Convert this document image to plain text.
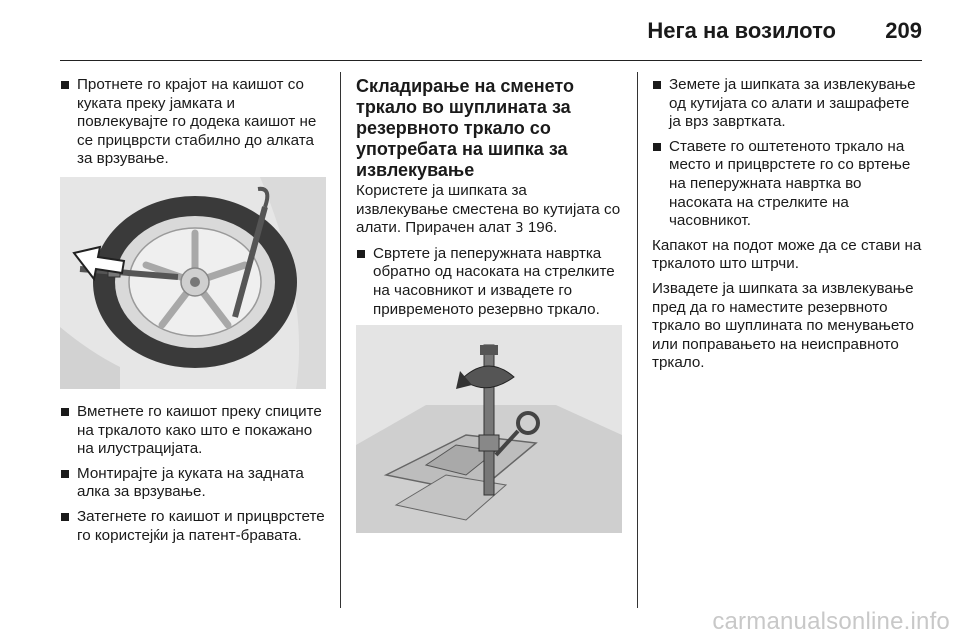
Нега на возилото 209
Протнете го крајот на каишот со куката преку јамката и повлекувајте го додека каишот не се прицврсти стабилно до алката за врзување.
Вметнете го каишот преку спиците на тркалото како што е покажано на илустрацијата.
Монтирајте ја куката на задната алка за врзување.
Затегнете го каишот и прицврстете го користејќи ја патент-бравата.
Складирање на сменето тркало во шуплината за резервното тркало со употребата на шипка за извлекување
Користете ја шипката за извлекување сместена во кутијата со алати. Прирачен алат 3 196.
Свртете ја пеперужната навртка обратно од насоката на стрелките на часовникот и извадете го привременото резервно тркало.
Земете ја шипката за извлекување од кутијата со алати и зашрафете ја врз завртката.
Ставете го оштетеното тркало на место и прицврстете го со вртење на пеперужната навртка во насоката на стрелките на часовникот.

Капакот на подот може да се стави на тркалото што штрчи.

Извадете ја шипката за извлекување пред да го наместите резервното тркало во шуплината по менувањето или поправањето на неисправното тркало.

carmanualsonline.info
